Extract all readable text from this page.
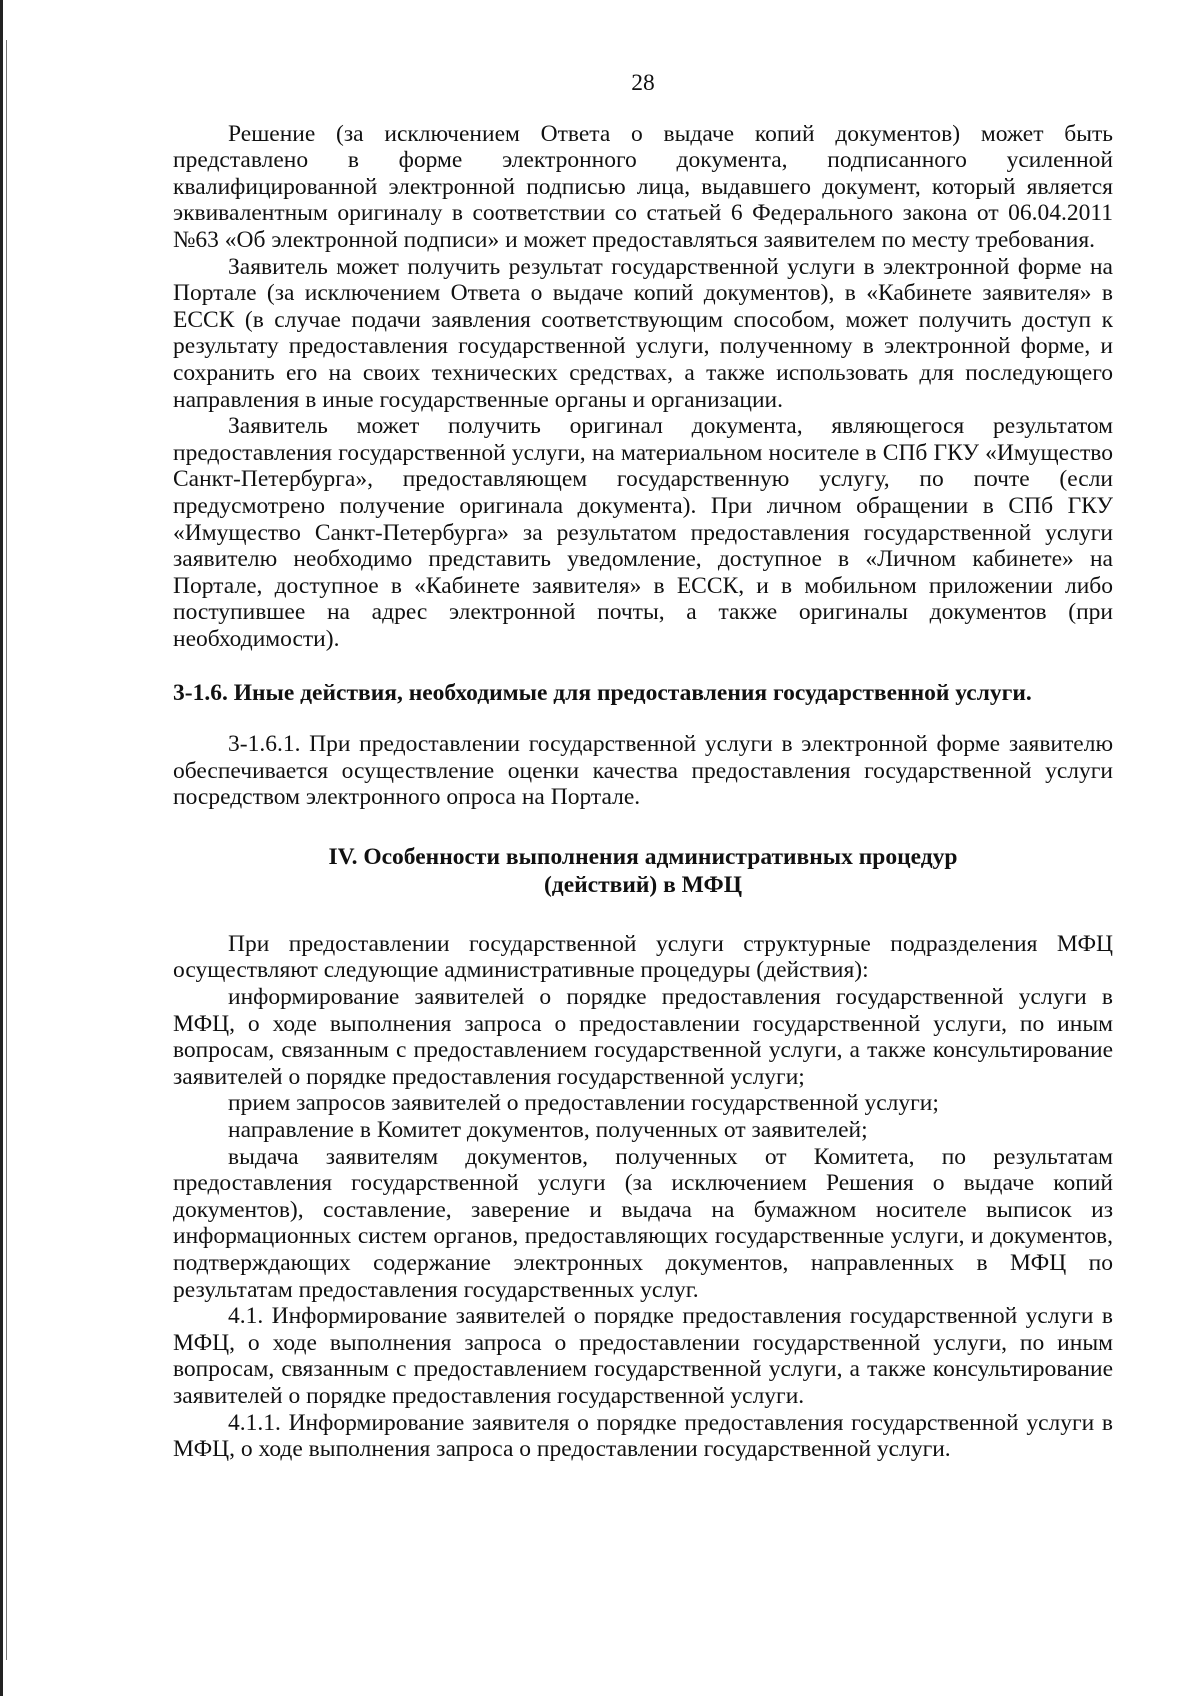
28

Решение (за исключением Ответа о выдаче копий документов) может быть представлено в форме электронного документа, подписанного усиленной квалифицированной электронной подписью лица, выдавшего документ, который является эквивалентным оригиналу в соответствии со статьей 6 Федерального закона от 06.04.2011 №63 «Об электронной подписи» и может предоставляться заявителем по месту требования.

Заявитель может получить результат государственной услуги в электронной форме на Портале (за исключением Ответа о выдаче копий документов), в «Кабинете заявителя» в ЕССК (в случае подачи заявления соответствующим способом, может получить доступ к результату предоставления государственной услуги, полученному в электронной форме, и сохранить его на своих технических средствах, а также использовать для последующего направления в иные государственные органы и организации.

Заявитель может получить оригинал документа, являющегося результатом предоставления государственной услуги, на материальном носителе в СПб ГКУ «Имущество Санкт-Петербурга», предоставляющем государственную услугу, по почте (если предусмотрено получение оригинала документа). При личном обращении в СПб ГКУ «Имущество Санкт-Петербурга» за результатом предоставления государственной услуги заявителю необходимо представить уведомление, доступное в «Личном кабинете» на Портале, доступное в «Кабинете заявителя» в ЕССК, и в мобильном приложении либо поступившее на адрес электронной почты, а также оригиналы документов (при необходимости).

3-1.6. Иные действия, необходимые для предоставления государственной услуги.

3-1.6.1. При предоставлении государственной услуги в электронной форме заявителю обеспечивается осуществление оценки качества предоставления государственной услуги посредством электронного опроса на Портале.

IV. Особенности выполнения административных процедур
(действий) в МФЦ

При предоставлении государственной услуги структурные подразделения МФЦ осуществляют следующие административные процедуры (действия):

информирование заявителей о порядке предоставления государственной услуги в МФЦ, о ходе выполнения запроса о предоставлении государственной услуги, по иным вопросам, связанным с предоставлением государственной услуги, а также консультирование заявителей о порядке предоставления государственной услуги;

прием запросов заявителей о предоставлении государственной услуги;

направление в Комитет документов, полученных от заявителей;

выдача заявителям документов, полученных от Комитета, по результатам предоставления государственной услуги (за исключением Решения о выдаче копий документов), составление, заверение и выдача на бумажном носителе выписок из информационных систем органов, предоставляющих государственные услуги, и документов, подтверждающих содержание электронных документов, направленных в МФЦ по результатам предоставления государственных услуг.

4.1. Информирование заявителей о порядке предоставления государственной услуги в МФЦ, о ходе выполнения запроса о предоставлении государственной услуги, по иным вопросам, связанным с предоставлением государственной услуги, а также консультирование заявителей о порядке предоставления государственной услуги.

4.1.1. Информирование заявителя о порядке предоставления государственной услуги в МФЦ, о ходе выполнения запроса о предоставлении государственной услуги.
